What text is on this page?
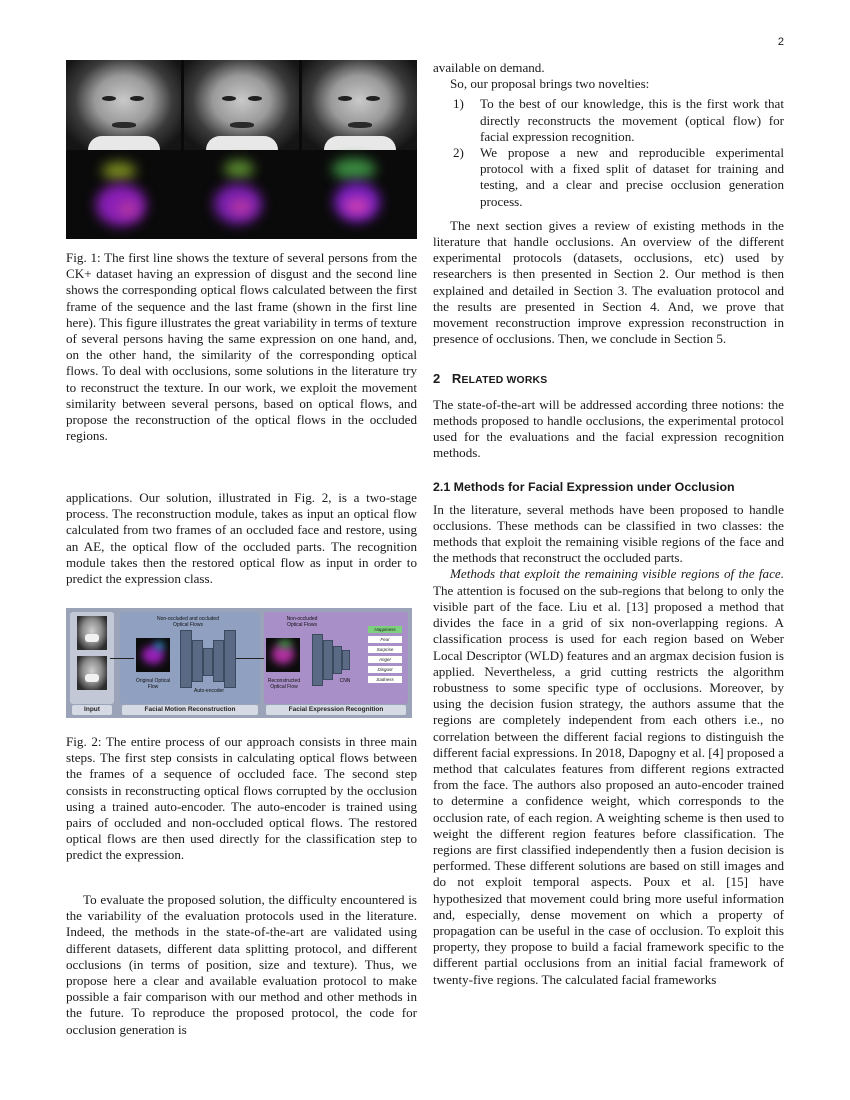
2
Fig. 1: The first line shows the texture of several persons from the CK+ dataset having an expression of disgust and the second line shows the corresponding optical flows calculated between the first frame of the sequence and the last frame (shown in the first line here). This figure illustrates the great variability in terms of texture of several persons having the same expression on one hand, and, on the other hand, the similarity of the corresponding optical flows. To deal with occlusions, some solutions in the literature try to reconstruct the texture. In our work, we exploit the movement similarity between several persons, based on optical flows, and propose the reconstruction of the optical flows in the occluded regions.
applications. Our solution, illustrated in Fig. 2, is a two-stage process. The reconstruction module, takes as input an optical flow calculated from two frames of an occluded face and restore, using an AE, the optical flow of the occluded parts. The recognition module takes then the restored optical flow as input in order to predict the expression class.
Original Optical Flow
Non-occluded and occluded Optical Flows
Auto-encoder
Reconstructed Optical Flow
Non-occluded Optical Flows
CNN
Happiness
Fear
Surprise
Anger
Disgust
Sadness
Input	Facial Motion Reconstruction	Facial Expression Recognition
Fig. 2: The entire process of our approach consists in three main steps. The first step consists in calculating optical flows between the frames of a sequence of occluded face. The second step consists in reconstructing optical flows corrupted by the occlusion using a trained auto-encoder. The auto-encoder is trained using pairs of occluded and non-occluded optical flows. The restored optical flows are then used directly for the classification step to predict the expression.
To evaluate the proposed solution, the difficulty encountered is the variability of the evaluation protocols used in the literature. Indeed, the methods in the state-of-the-art are validated using different datasets, different data splitting protocol, and different occlusions (in terms of position, size and texture). Thus, we propose here a clear and available evaluation protocol to make possible a fair comparison with our method and other methods in the future. To reproduce the proposed protocol, the code for occlusion generation is

available on demand.

So, our proposal brings two novelties:

1) To the best of our knowledge, this is the first work that directly reconstructs the movement (optical flow) for facial expression recognition.
2) We propose a new and reproducible experimental protocol with a fixed split of dataset for training and testing, and a clear and precise occlusion generation process.

The next section gives a review of existing methods in the literature that handle occlusions. An overview of the different experimental protocols (datasets, occlusions, etc) used by researchers is then presented in Section 2. Our method is then explained and detailed in Section 3. The evaluation protocol and the results are presented in Section 4. And, we prove that movement reconstruction improve expression reconstruction in presence of occlusions. Then, we conclude in Section 5.

2 RELATED WORKS

The state-of-the-art will be addressed according three notions: the methods proposed to handle occlusions, the experimental protocol used for the evaluations and the facial expression recognition methods.

2.1 Methods for Facial Expression under Occlusion

In the literature, several methods have been proposed to handle occlusions. These methods can be classified in two classes: the methods that exploit the remaining visible regions of the face and the methods that reconstruct the occluded parts.

Methods that exploit the remaining visible regions of the face. The attention is focused on the sub-regions that belong to only the visible part of the face. Liu et al. [13] proposed a method that divides the face in a grid of six non-overlapping regions. A classification process is used for each region based on Weber Local Descriptor (WLD) features and an argmax decision fusion is applied. Nevertheless, a grid cutting restricts the algorithm robustness to some specific type of occlusions. Moreover, by using the decision fusion strategy, the authors assume that the regions are completely independent from each others i.e., no correlation between the different facial regions to distinguish the different facial expressions. In 2018, Dapogny et al. [4] proposed a method that calculates features from different regions extracted from the face. The authors also proposed an auto-encoder trained to determine a confidence weight, which corresponds to the occlusion rate, of each region. A weighting scheme is then used to weight the different region features before classification. The regions are first classified independently then a fusion decision is performed. These different solutions are based on still images and do not exploit temporal aspects. Poux et al. [15] have hypothesized that movement could bring more useful information and, especially, dense movement on which a property of propagation can be useful in the case of occlusion. To exploit this property, they propose to build a facial framework specific to the different partial occlusions from an initial facial framework of twenty-five regions. The calculated facial frameworks
